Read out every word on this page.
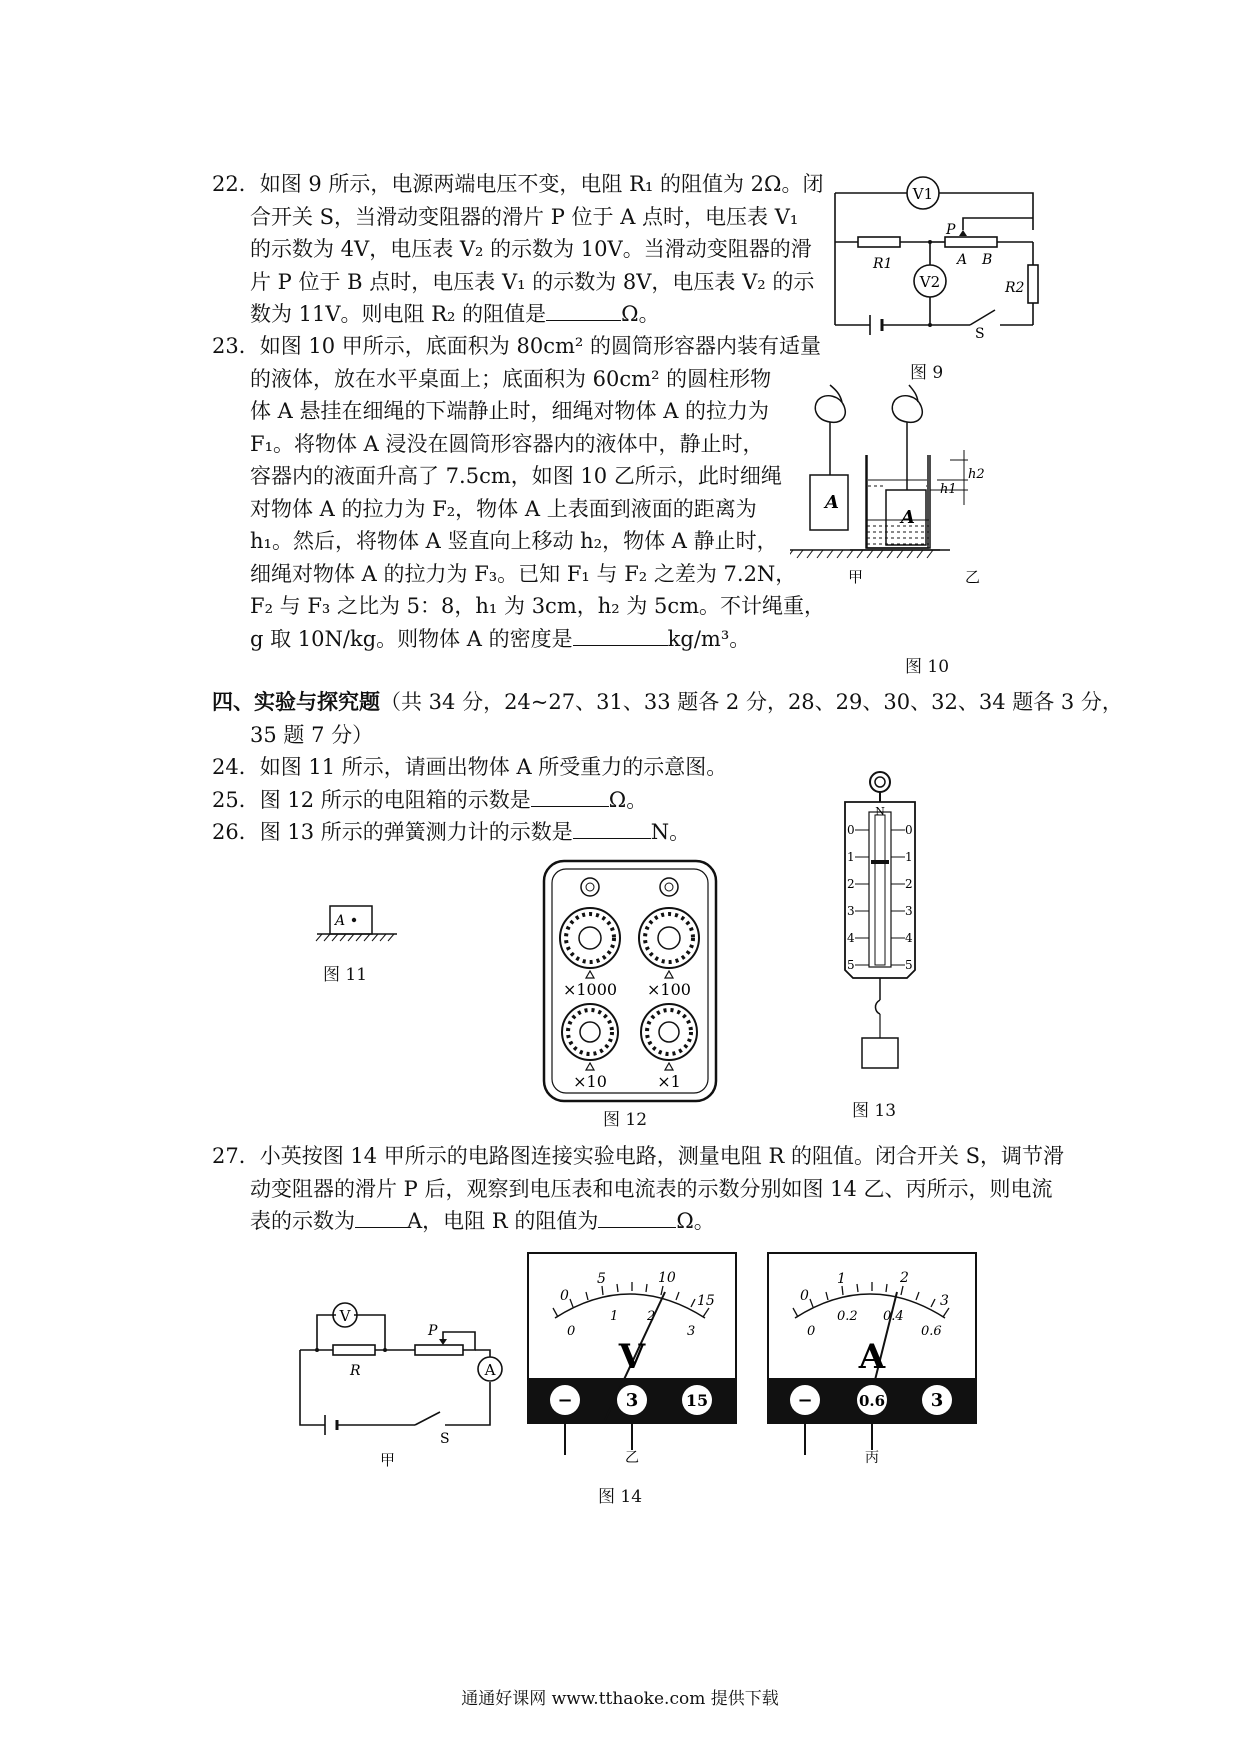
22．如图 9 所示，电源两端电压不变，电阻 R₁ 的阻值为 2Ω。闭
合开关 S，当滑动变阻器的滑片 P 位于 A 点时，电压表 V₁
的示数为 4V，电压表 V₂ 的示数为 10V。当滑动变阻器的滑
片 P 位于 B 点时，电压表 V₁ 的示数为 8V，电压表 V₂ 的示
数为 11V。则电阻 R₂ 的阻值是	Ω。
V1
V2
R1
R2
P
A B
S
图 9
23．如图 10 甲所示，底面积为 80cm² 的圆筒形容器内装有适量
的液体，放在水平桌面上；底面积为 60cm² 的圆柱形物
体 A 悬挂在细绳的下端静止时，细绳对物体 A 的拉力为
F₁。将物体 A 浸没在圆筒形容器内的液体中，静止时，
容器内的液面升高了 7.5cm，如图 10 乙所示，此时细绳
对物体 A 的拉力为 F₂，物体 A 上表面到液面的距离为
h₁。然后，将物体 A 竖直向上移动 h₂，物体 A 静止时，
细绳对物体 A 的拉力为 F₃。已知 F₁ 与 F₂ 之差为 7.2N，
F₂ 与 F₃ 之比为 5：8，h₁ 为 3cm，h₂ 为 5cm。不计绳重，
g 取 10N/kg。则物体 A 的密度是	kg/m³。
A
A
h1
h2
甲	乙
图 10
四、实验与探究题（共 34 分，24~27、31、33 题各 2 分，28、29、30、32、34 题各 3 分，
35 题 7 分）
24．如图 11 所示，请画出物体 A 所受重力的示意图。
25．图 12 所示的电阻箱的示数是	Ω。
26．图 13 所示的弹簧测力计的示数是	N。
A
图 11
×1000 ×100
×10	×1
图 12
N
0
1
2
3
4
5
0
1
2
3
4
5
图 13
27．小英按图 14 甲所示的电路图连接实验电路，测量电阻 R 的阻值。闭合开关 S，调节滑
动变阻器的滑片 P 后，观察到电压表和电流表的示数分别如图 14 乙、丙所示，则电流
表的示数为 A，电阻 R 的阻值为	Ω。
V
A
R
P
S
甲
0
5	10
15
0
1 2
3
V
−	3	15
乙
0
1	2
3
0
0.2 0.4
0.6
A
−	0.6	3
丙
图 14
通通好课网 www.tthaoke.com 提供下载
